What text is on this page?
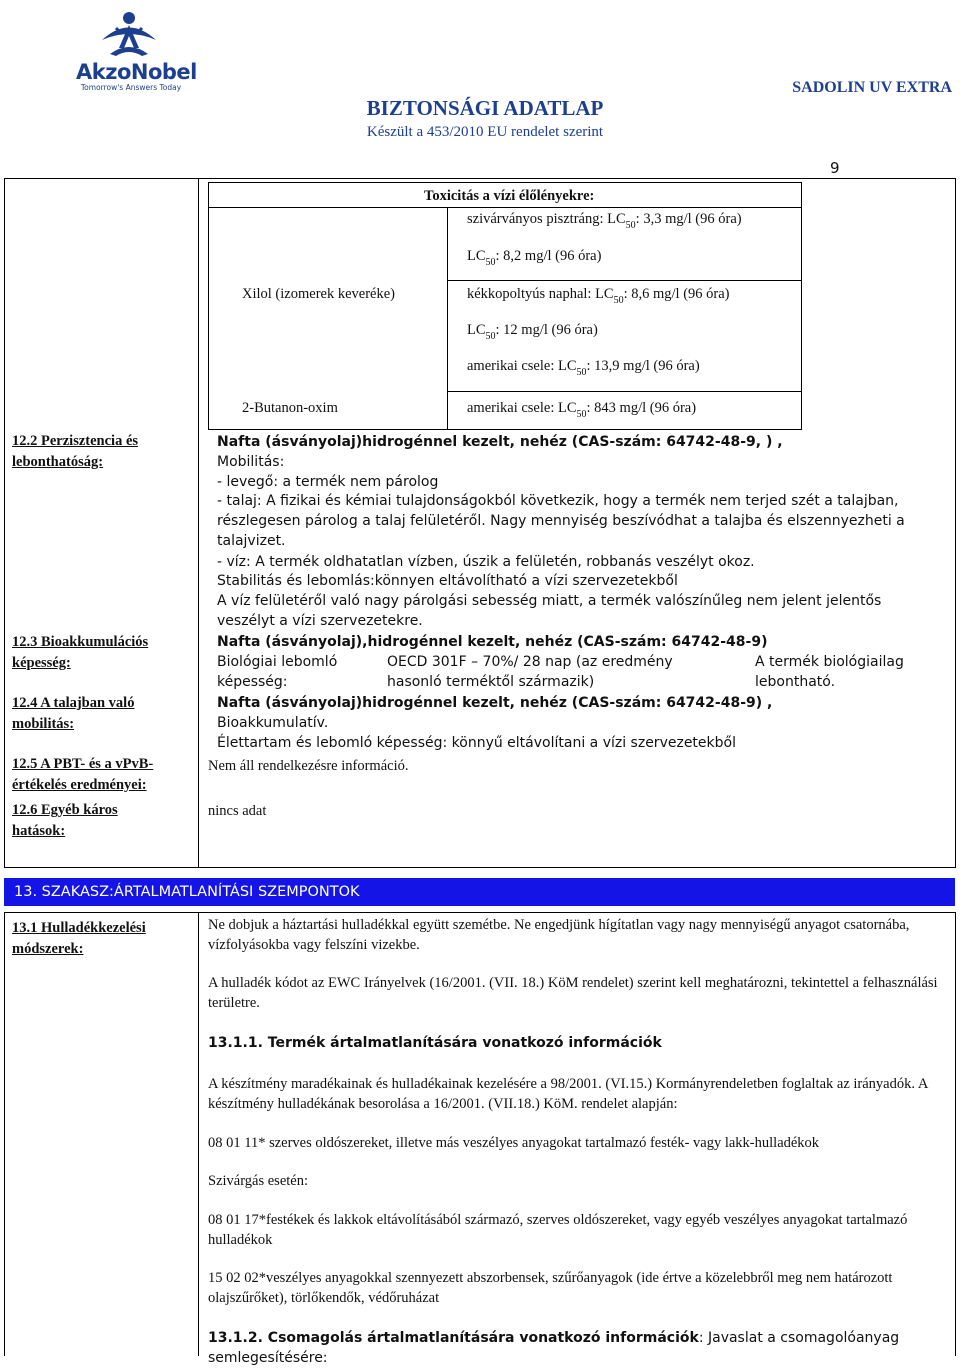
AkzoNobel
Tomorrow's Answers Today
BIZTONSÁGI ADATLAP
Készült a 453/2010 EU rendelet szerint
SADOLIN UV EXTRA
9
Toxicitás a vízi élőlényekre:
Xilol (izomerek keveréke)
2-Butanon-oxim
szivárványos pisztráng: $LC_{50}$: 3,3 mg/l (96 óra)
$LC_{50}$: 8,2 mg/l (96 óra)
kékkopoltyús naphal: $LC_{50}$: 8,6 mg/l (96 óra)
$LC_{50}$: 12 mg/l (96 óra)
amerikai csele: $LC_{50}$: 13,9 mg/l (96 óra)
amerikai csele: $LC_{50}$: 843 mg/l (96 óra)
12.2 Perzisztencia és lebonthatóság:
12.3 Bioakkumulációs képesség:
12.4 A talajban való mobilitás:
12.5 A PBT- és a vPvB-értékelés eredményei:
12.6 Egyéb káros hatások:
Nafta (ásványolaj)hidrogénnel kezelt, nehéz (CAS-szám: 64742-48-9, ) ,
Mobilitás:
- levegő: a termék nem párolog
- talaj: A fizikai és kémiai tulajdonságokból következik, hogy a termék nem terjed szét a talajban, részlegesen párolog a talaj felületéről. Nagy mennyiség beszívódhat a talajba és elszennyezheti a talajvizet.
- víz: A termék oldhatatlan vízben, úszik a felületén, robbanás veszélyt okoz.
Stabilitás és lebomlás:könnyen eltávolítható a vízi szervezetekből
A víz felületéről való nagy párolgási sebesség miatt, a termék valószínűleg nem jelent jelentős veszélyt a vízi szervezetekre.
Nafta (ásványolaj),hidrogénnel kezelt, nehéz (CAS-szám: 64742-48-9)
Biológiai lebomló képesség:
OECD 301F – 70%/ 28 nap (az eredmény hasonló terméktől származik)
A termék biológiailag lebontható.
Nafta (ásványolaj)hidrogénnel kezelt, nehéz (CAS-szám: 64742-48-9) ,
Bioakkumulatív.
Élettartam és lebomló képesség: könnyű eltávolítani a vízi szervezetekből
Nem áll rendelkezésre információ.
nincs adat
13. SZAKASZ:ÁRTALMATLANÍTÁSI SZEMPONTOK
13.1 Hulladékkezelési módszerek:
Ne dobjuk a háztartási hulladékkal együtt szemétbe. Ne engedjünk hígítatlan vagy nagy mennyiségű anyagot csatornába, vízfolyásokba vagy felszíni vizekbe.
A hulladék kódot az EWC Irányelvek (16/2001. (VII. 18.) KöM rendelet) szerint kell meghatározni, tekintettel a felhasználási területre.
13.1.1. Termék ártalmatlanítására vonatkozó információk
A készítmény maradékainak és hulladékainak kezelésére a 98/2001. (VI.15.) Kormányrendeletben foglaltak az irányadók. A készítmény hulladékának besorolása a 16/2001. (VII.18.) KöM. rendelet alapján:
08 01 11* szerves oldószereket, illetve más veszélyes anyagokat tartalmazó festék- vagy lakk-hulladékok
Szivárgás esetén:
08 01 17*festékek és lakkok eltávolításából származó, szerves oldószereket, vagy egyéb veszélyes anyagokat tartalmazó hulladékok
15 02 02*veszélyes anyagokkal szennyezett abszorbensek, szűrőanyagok (ide értve a közelebbről meg nem határozott olajszűrőket), törlőkendők, védőruházat
13.1.2. Csomagolás ártalmatlanítására vonatkozó információk: Javaslat a csomagolóanyag semlegesítésére:
